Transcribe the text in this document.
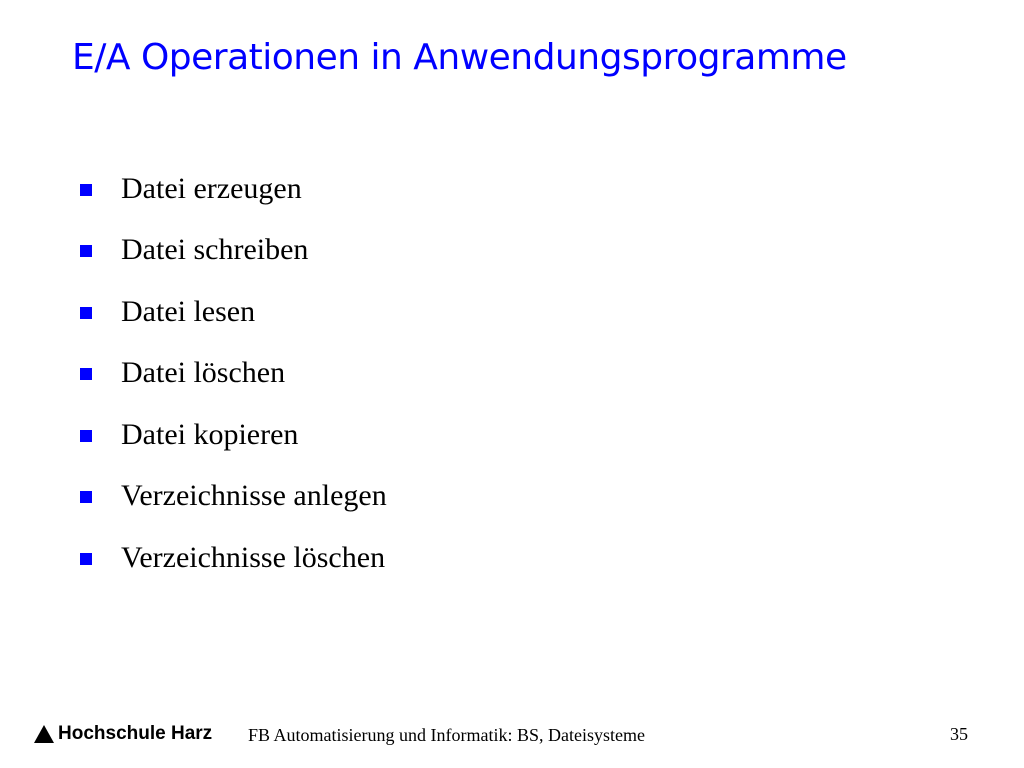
E/A Operationen in Anwendungsprogramme
Datei erzeugen
Datei schreiben
Datei lesen
Datei löschen
Datei kopieren
Verzeichnisse anlegen
Verzeichnisse löschen
Hochschule Harz FB Automatisierung und Informatik: BS, Dateisysteme	35
